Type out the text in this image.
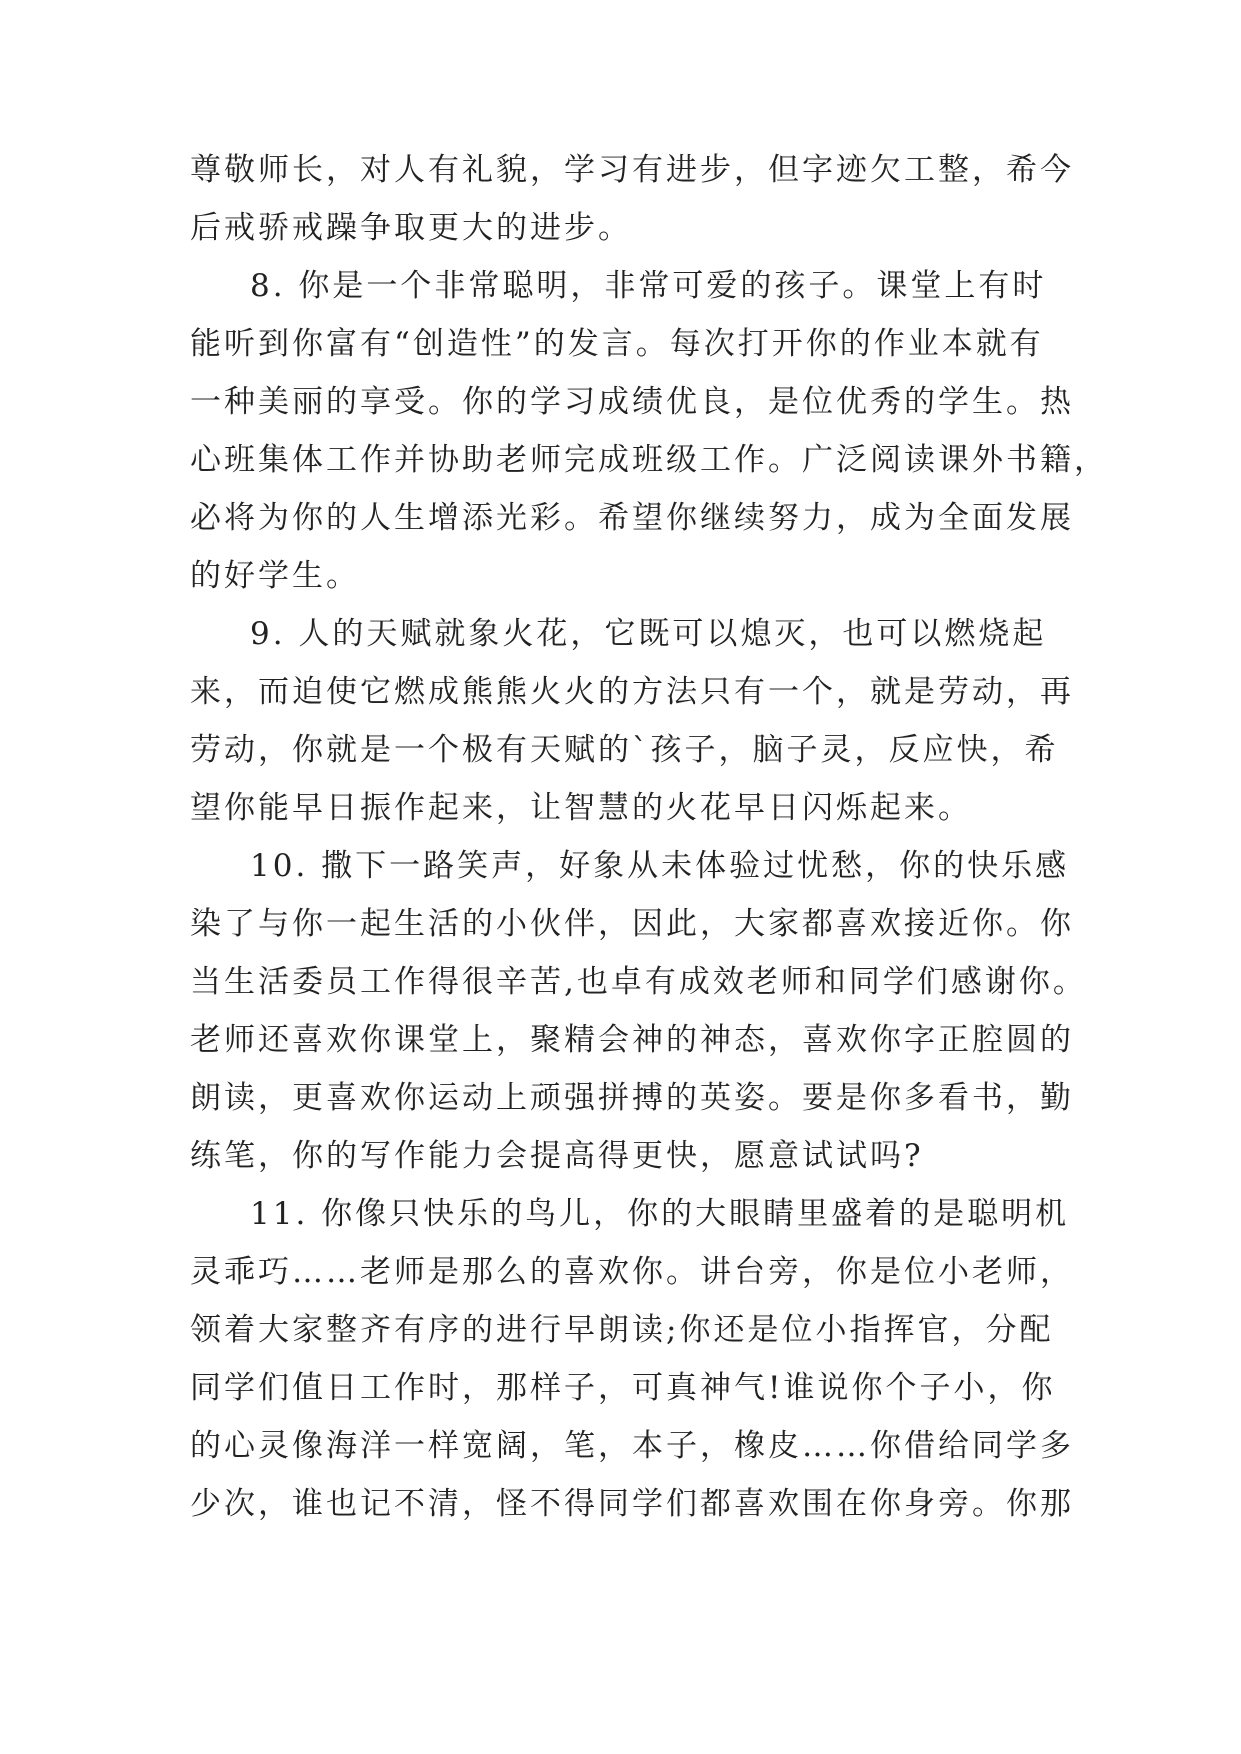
尊敬师长，对人有礼貌，学习有进步，但字迹欠工整，希今
后戒骄戒躁争取更大的进步。
8. 你是一个非常聪明，非常可爱的孩子。课堂上有时
能听到你富有“创造性”的发言。每次打开你的作业本就有
一种美丽的享受。你的学习成绩优良，是位优秀的学生。热
心班集体工作并协助老师完成班级工作。广泛阅读课外书籍，
必将为你的人生增添光彩。希望你继续努力，成为全面发展
的好学生。
9. 人的天赋就象火花，它既可以熄灭，也可以燃烧起
来，而迫使它燃成熊熊火火的方法只有一个，就是劳动，再
劳动，你就是一个极有天赋的`孩子，脑子灵，反应快，希
望你能早日振作起来，让智慧的火花早日闪烁起来。
10. 撒下一路笑声，好象从未体验过忧愁，你的快乐感
染了与你一起生活的小伙伴，因此，大家都喜欢接近你。你
当生活委员工作得很辛苦,也卓有成效老师和同学们感谢你。
老师还喜欢你课堂上，聚精会神的神态，喜欢你字正腔圆的
朗读，更喜欢你运动上顽强拼搏的英姿。要是你多看书，勤
练笔，你的写作能力会提高得更快，愿意试试吗?
11. 你像只快乐的鸟儿，你的大眼睛里盛着的是聪明机
灵乖巧……老师是那么的喜欢你。讲台旁，你是位小老师，
领着大家整齐有序的进行早朗读;你还是位小指挥官，分配
同学们值日工作时，那样子，可真神气!谁说你个子小，你
的心灵像海洋一样宽阔，笔，本子，橡皮……你借给同学多
少次，谁也记不清，怪不得同学们都喜欢围在你身旁。你那
